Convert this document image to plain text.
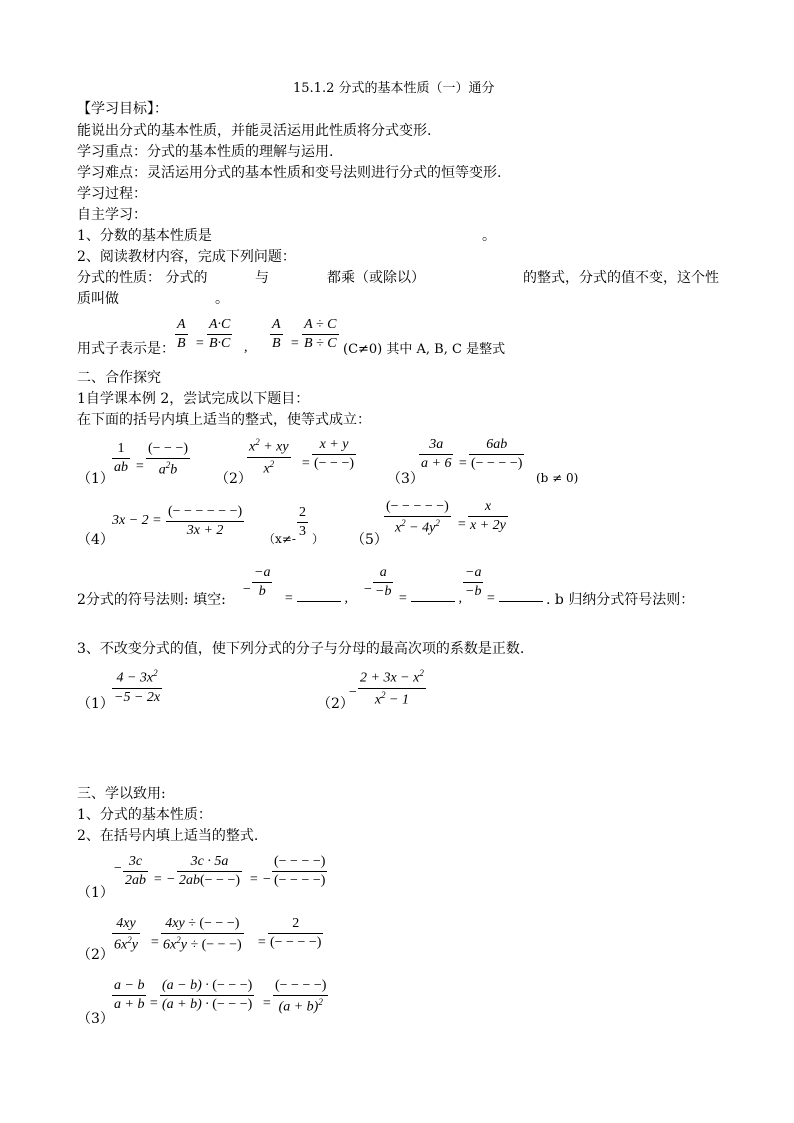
15.1.2 分式的基本性质（一）通分
【学习目标】：
能说出分式的基本性质，并能灵活运用此性质将分式变形.
学习重点：分式的基本性质的理解与运用.
学习难点：灵活运用分式的基本性质和变号法则进行分式的恒等变形.
学习过程：
自主学习：
1、分数的基本性质是	。
2、阅读教材内容，完成下列问题：
分式的性质： 分式的	与	都乘（或除以）	的整式，分式的值不变，这个性
质叫做	。
用式子表示是：
A
B =
A·C
B·C ,
A
B =
A ÷ C
B ÷ C (C≠0) 其中 A, B, C 是整式
二、合作探究
1自学课本例 2，尝试完成以下题目：
在下面的括号内填上适当的整式，使等式成立：
（1）
1
ab =
(− − −)
$a^2b$
（2）
$x^2$ + xy
$x^2$ =
x + y
(− − −)
（3）
3a
a + 6 =
6ab
(− − − −)
(b ≠ 0)
（4）
3x − 2 =
(− − − − − −)
3x + 2
（x≠-
2
3 ） （5）
(− − − − −)
$x^2 - 4y^2$ =
x
x + 2y
2分式的符号法则: 填空:
−
−a
b =	,
−
a
−b =	,
−a
−b =	. b 归纳分式符号法则：
3、不改变分式的值，使下列分式的分子与分母的最高次项的系数是正数.
（1）
$4 - 3x^2$
−5 − 2x	（2）
−
$2 + 3x - x^2$
$x^2 - 1$
三、学以致用:
1、分式的基本性质：
2、在括号内填上适当的整式.
（1）
− 3c
2ab = −
3c · 5a
2ab(− − −) = −
(− − − −)
(− − − −)
（2）
4xy
$6x^2y$ =
4xy ÷ (− − −)
$6x^2y$ ÷ (− − −) =
2
(− − − −)
（3）
a − b
a + b =
(a − b) · (− − −)
(a + b) · (− − −) =
(− − − −)
$(a + b)^2$
